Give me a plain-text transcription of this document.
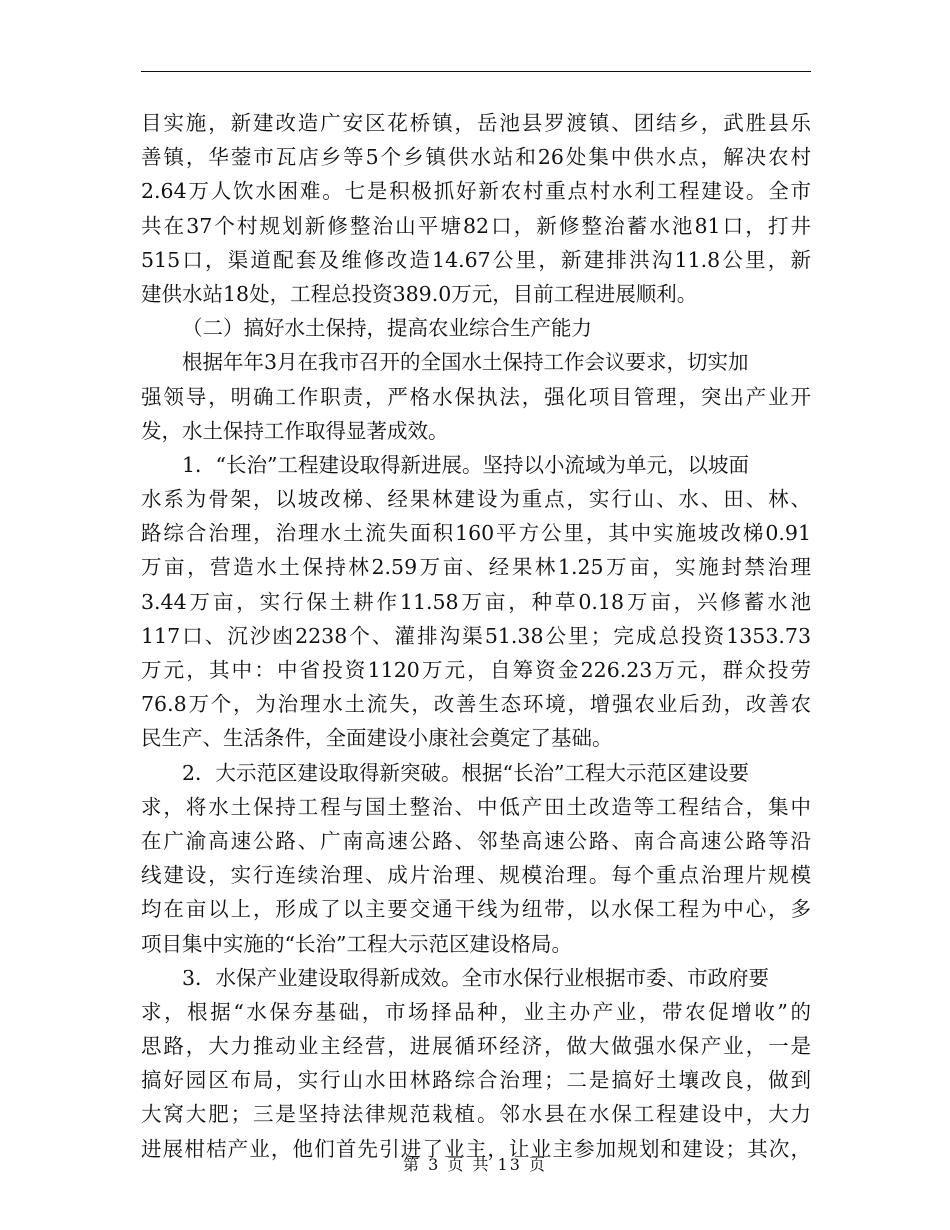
目实施，新建改造广安区花桥镇，岳池县罗渡镇、团结乡，武胜县乐
善镇，华蓥市瓦店乡等5个乡镇供水站和26处集中供水点，解决农村
2.64万人饮水困难。七是积极抓好新农村重点村水利工程建设。全市
共在37个村规划新修整治山平塘82口，新修整治蓄水池81口，打井
515口，渠道配套及维修改造14.67公里，新建排洪沟11.8公里，新
建供水站18处，工程总投资389.0万元，目前工程进展顺利。
（二）搞好水土保持，提高农业综合生产能力
根据年年3月在我市召开的全国水土保持工作会议要求，切实加
强领导，明确工作职责，严格水保执法，强化项目管理，突出产业开
发，水土保持工作取得显著成效。
1．“长治”工程建设取得新进展。坚持以小流域为单元，以坡面
水系为骨架，以坡改梯、经果林建设为重点，实行山、水、田、林、
路综合治理，治理水土流失面积160平方公里，其中实施坡改梯0.91
万亩，营造水土保持林2.59万亩、经果林1.25万亩，实施封禁治理
3.44万亩，实行保土耕作11.58万亩，种草0.18万亩，兴修蓄水池
117口、沉沙凼2238个、灌排沟渠51.38公里；完成总投资1353.73
万元，其中：中省投资1120万元，自筹资金226.23万元，群众投劳
76.8万个，为治理水土流失，改善生态环境，增强农业后劲，改善农
民生产、生活条件，全面建设小康社会奠定了基础。
2．大示范区建设取得新突破。根据“长治”工程大示范区建设要
求，将水土保持工程与国土整治、中低产田土改造等工程结合，集中
在广渝高速公路、广南高速公路、邻垫高速公路、南合高速公路等沿
线建设，实行连续治理、成片治理、规模治理。每个重点治理片规模
均在亩以上，形成了以主要交通干线为纽带，以水保工程为中心，多
项目集中实施的“长治”工程大示范区建设格局。
3．水保产业建设取得新成效。全市水保行业根据市委、市政府要
求，根据“水保夯基础，市场择品种，业主办产业，带农促增收”的
思路，大力推动业主经营，进展循环经济，做大做强水保产业，一是
搞好园区布局，实行山水田林路综合治理；二是搞好土壤改良，做到
大窝大肥；三是坚持法律规范栽植。邻水县在水保工程建设中，大力
进展柑桔产业，他们首先引进了业主，让业主参加规划和建设；其次，
第 3 页 共 13 页
